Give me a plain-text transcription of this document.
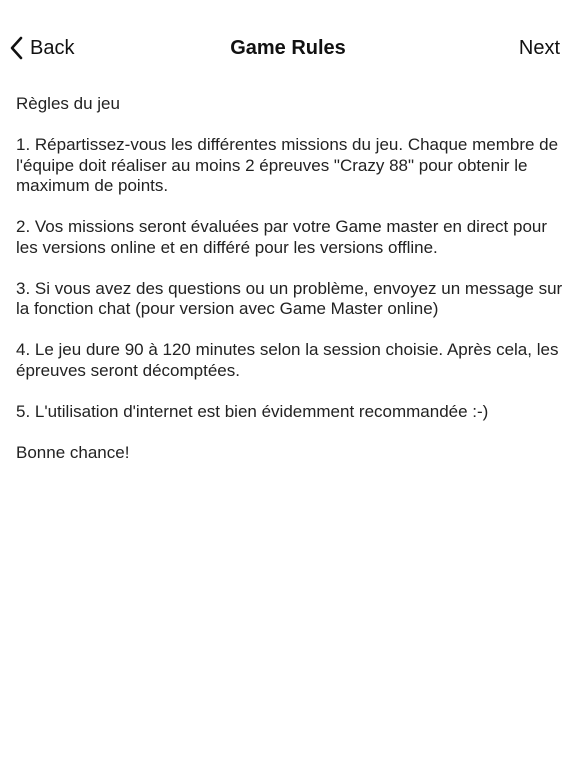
Back	Game Rules	Next

Règles du jeu

1. Répartissez-vous les différentes missions du jeu. Chaque membre de l'équipe doit réaliser au moins 2 épreuves "Crazy 88" pour obtenir le maximum de points.

2. Vos missions seront évaluées par votre Game master en direct pour les versions online et en différé pour les versions offline.

3. Si vous avez des questions ou un problème, envoyez un message sur la fonction chat (pour version avec Game Master online)

4. Le jeu dure 90 à 120 minutes selon la session choisie. Après cela, les épreuves seront décomptées.

5. L'utilisation d'internet est bien évidemment recommandée :-)

Bonne chance!
